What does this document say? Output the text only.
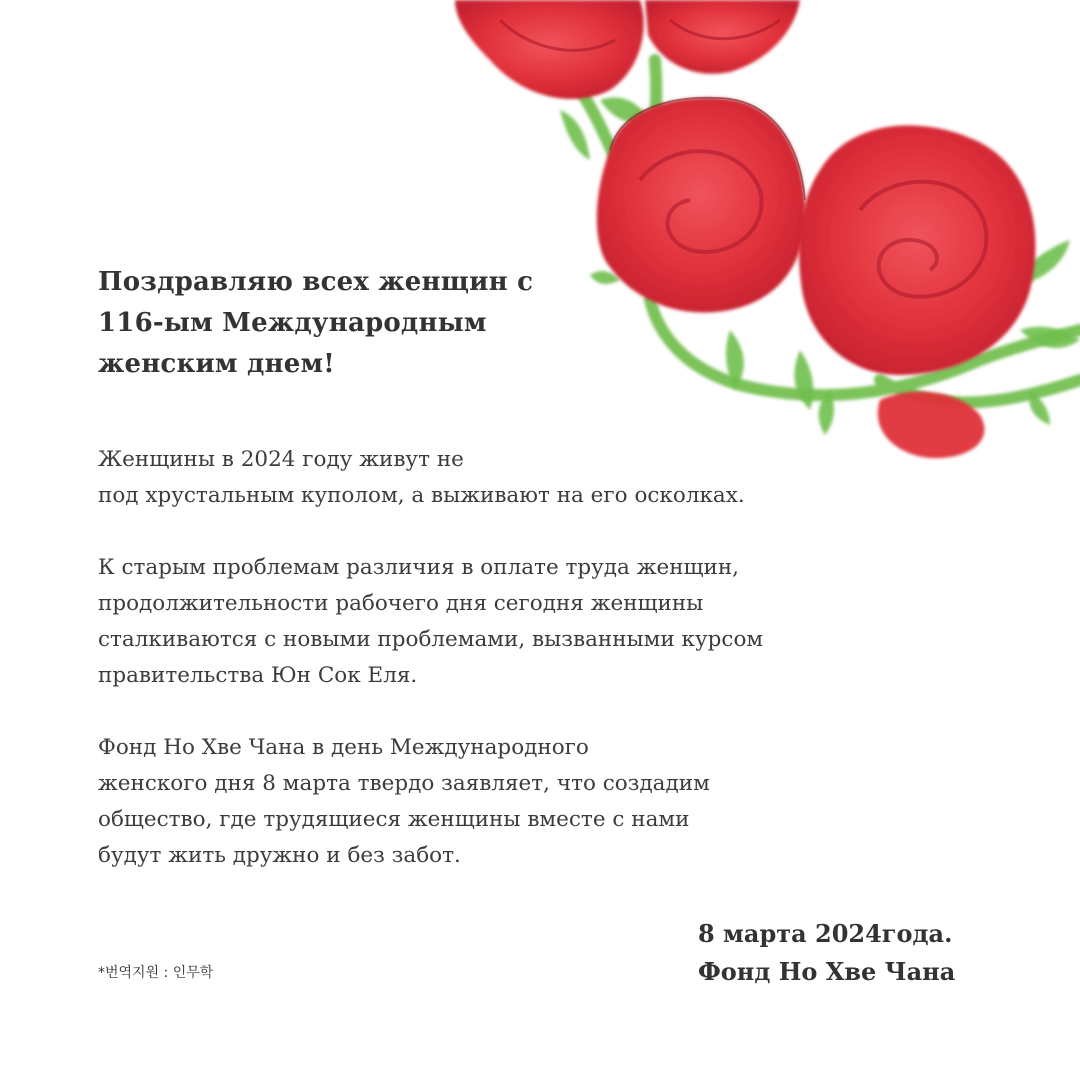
Поздравляю всех женщин с
116-ым Международным
женским днем!
Женщины в 2024 году живут не
под хрустальным куполом, а выживают на его осколках.
К старым проблемам различия в оплате труда женщин,
продолжительности рабочего дня сегодня женщины
сталкиваются с новыми проблемами, вызванными курсом
правительства Юн Сок Еля.
Фонд Но Хве Чана в день Международного
женского дня 8 марта твердо заявляет, что создадим
общество, где трудящиеся женщины вместе с нами
будут жить дружно и без забот.
8 марта 2024года.
Фонд Но Хве Чана
*번역지원 : 인무학
